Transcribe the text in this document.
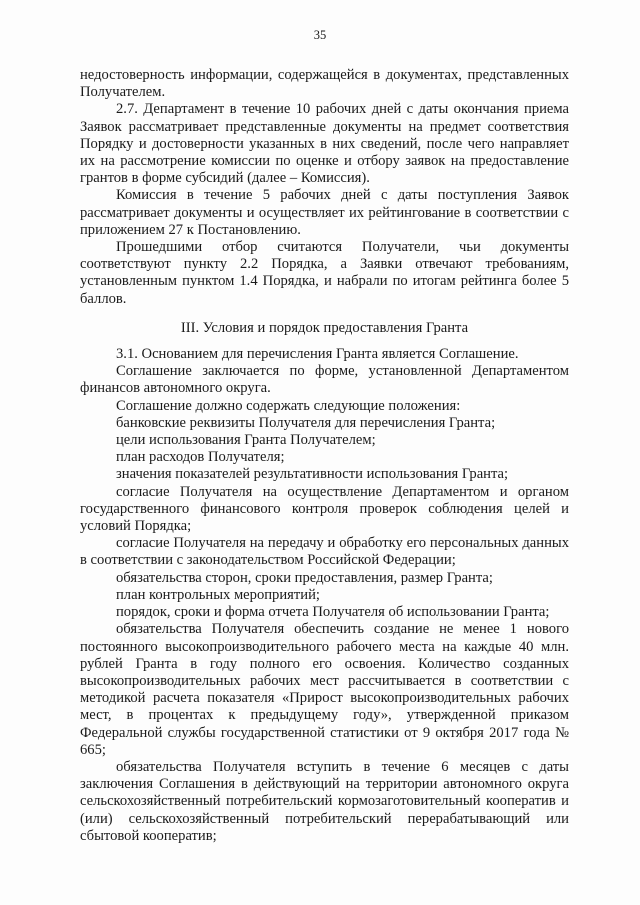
35

недостоверность информации, содержащейся в документах, представленных Получателем.

2.7. Департамент в течение 10 рабочих дней с даты окончания приема Заявок рассматривает представленные документы на предмет соответствия Порядку и достоверности указанных в них сведений, после чего направляет их на рассмотрение комиссии по оценке и отбору заявок на предоставление грантов в форме субсидий (далее – Комиссия).

Комиссия в течение 5 рабочих дней с даты поступления Заявок рассматривает документы и осуществляет их рейтингование в соответствии с приложением 27 к Постановлению.

Прошедшими отбор считаются Получатели, чьи документы соответствуют пункту 2.2 Порядка, а Заявки отвечают требованиям, установленным пунктом 1.4 Порядка, и набрали по итогам рейтинга более 5 баллов.

III. Условия и порядок предоставления Гранта

3.1. Основанием для перечисления Гранта является Соглашение.

Соглашение заключается по форме, установленной Департаментом финансов автономного округа.

Соглашение должно содержать следующие положения:

банковские реквизиты Получателя для перечисления Гранта;

цели использования Гранта Получателем;

план расходов Получателя;

значения показателей результативности использования Гранта;

согласие Получателя на осуществление Департаментом и органом государственного финансового контроля проверок соблюдения целей и условий Порядка;

согласие Получателя на передачу и обработку его персональных данных в соответствии с законодательством Российской Федерации;

обязательства сторон, сроки предоставления, размер Гранта;

план контрольных мероприятий;

порядок, сроки и форма отчета Получателя об использовании Гранта;

обязательства Получателя обеспечить создание не менее 1 нового постоянного высокопроизводительного рабочего места на каждые 40 млн. рублей Гранта в году полного его освоения. Количество созданных высокопроизводительных рабочих мест рассчитывается в соответствии с методикой расчета показателя «Прирост высокопроизводительных рабочих мест, в процентах к предыдущему году», утвержденной приказом Федеральной службы государственной статистики от 9 октября 2017 года № 665;

обязательства Получателя вступить в течение 6 месяцев с даты заключения Соглашения в действующий на территории автономного округа сельскохозяйственный потребительский кормозаготовительный кооператив и (или) сельскохозяйственный потребительский перерабатывающий или сбытовой кооператив;
